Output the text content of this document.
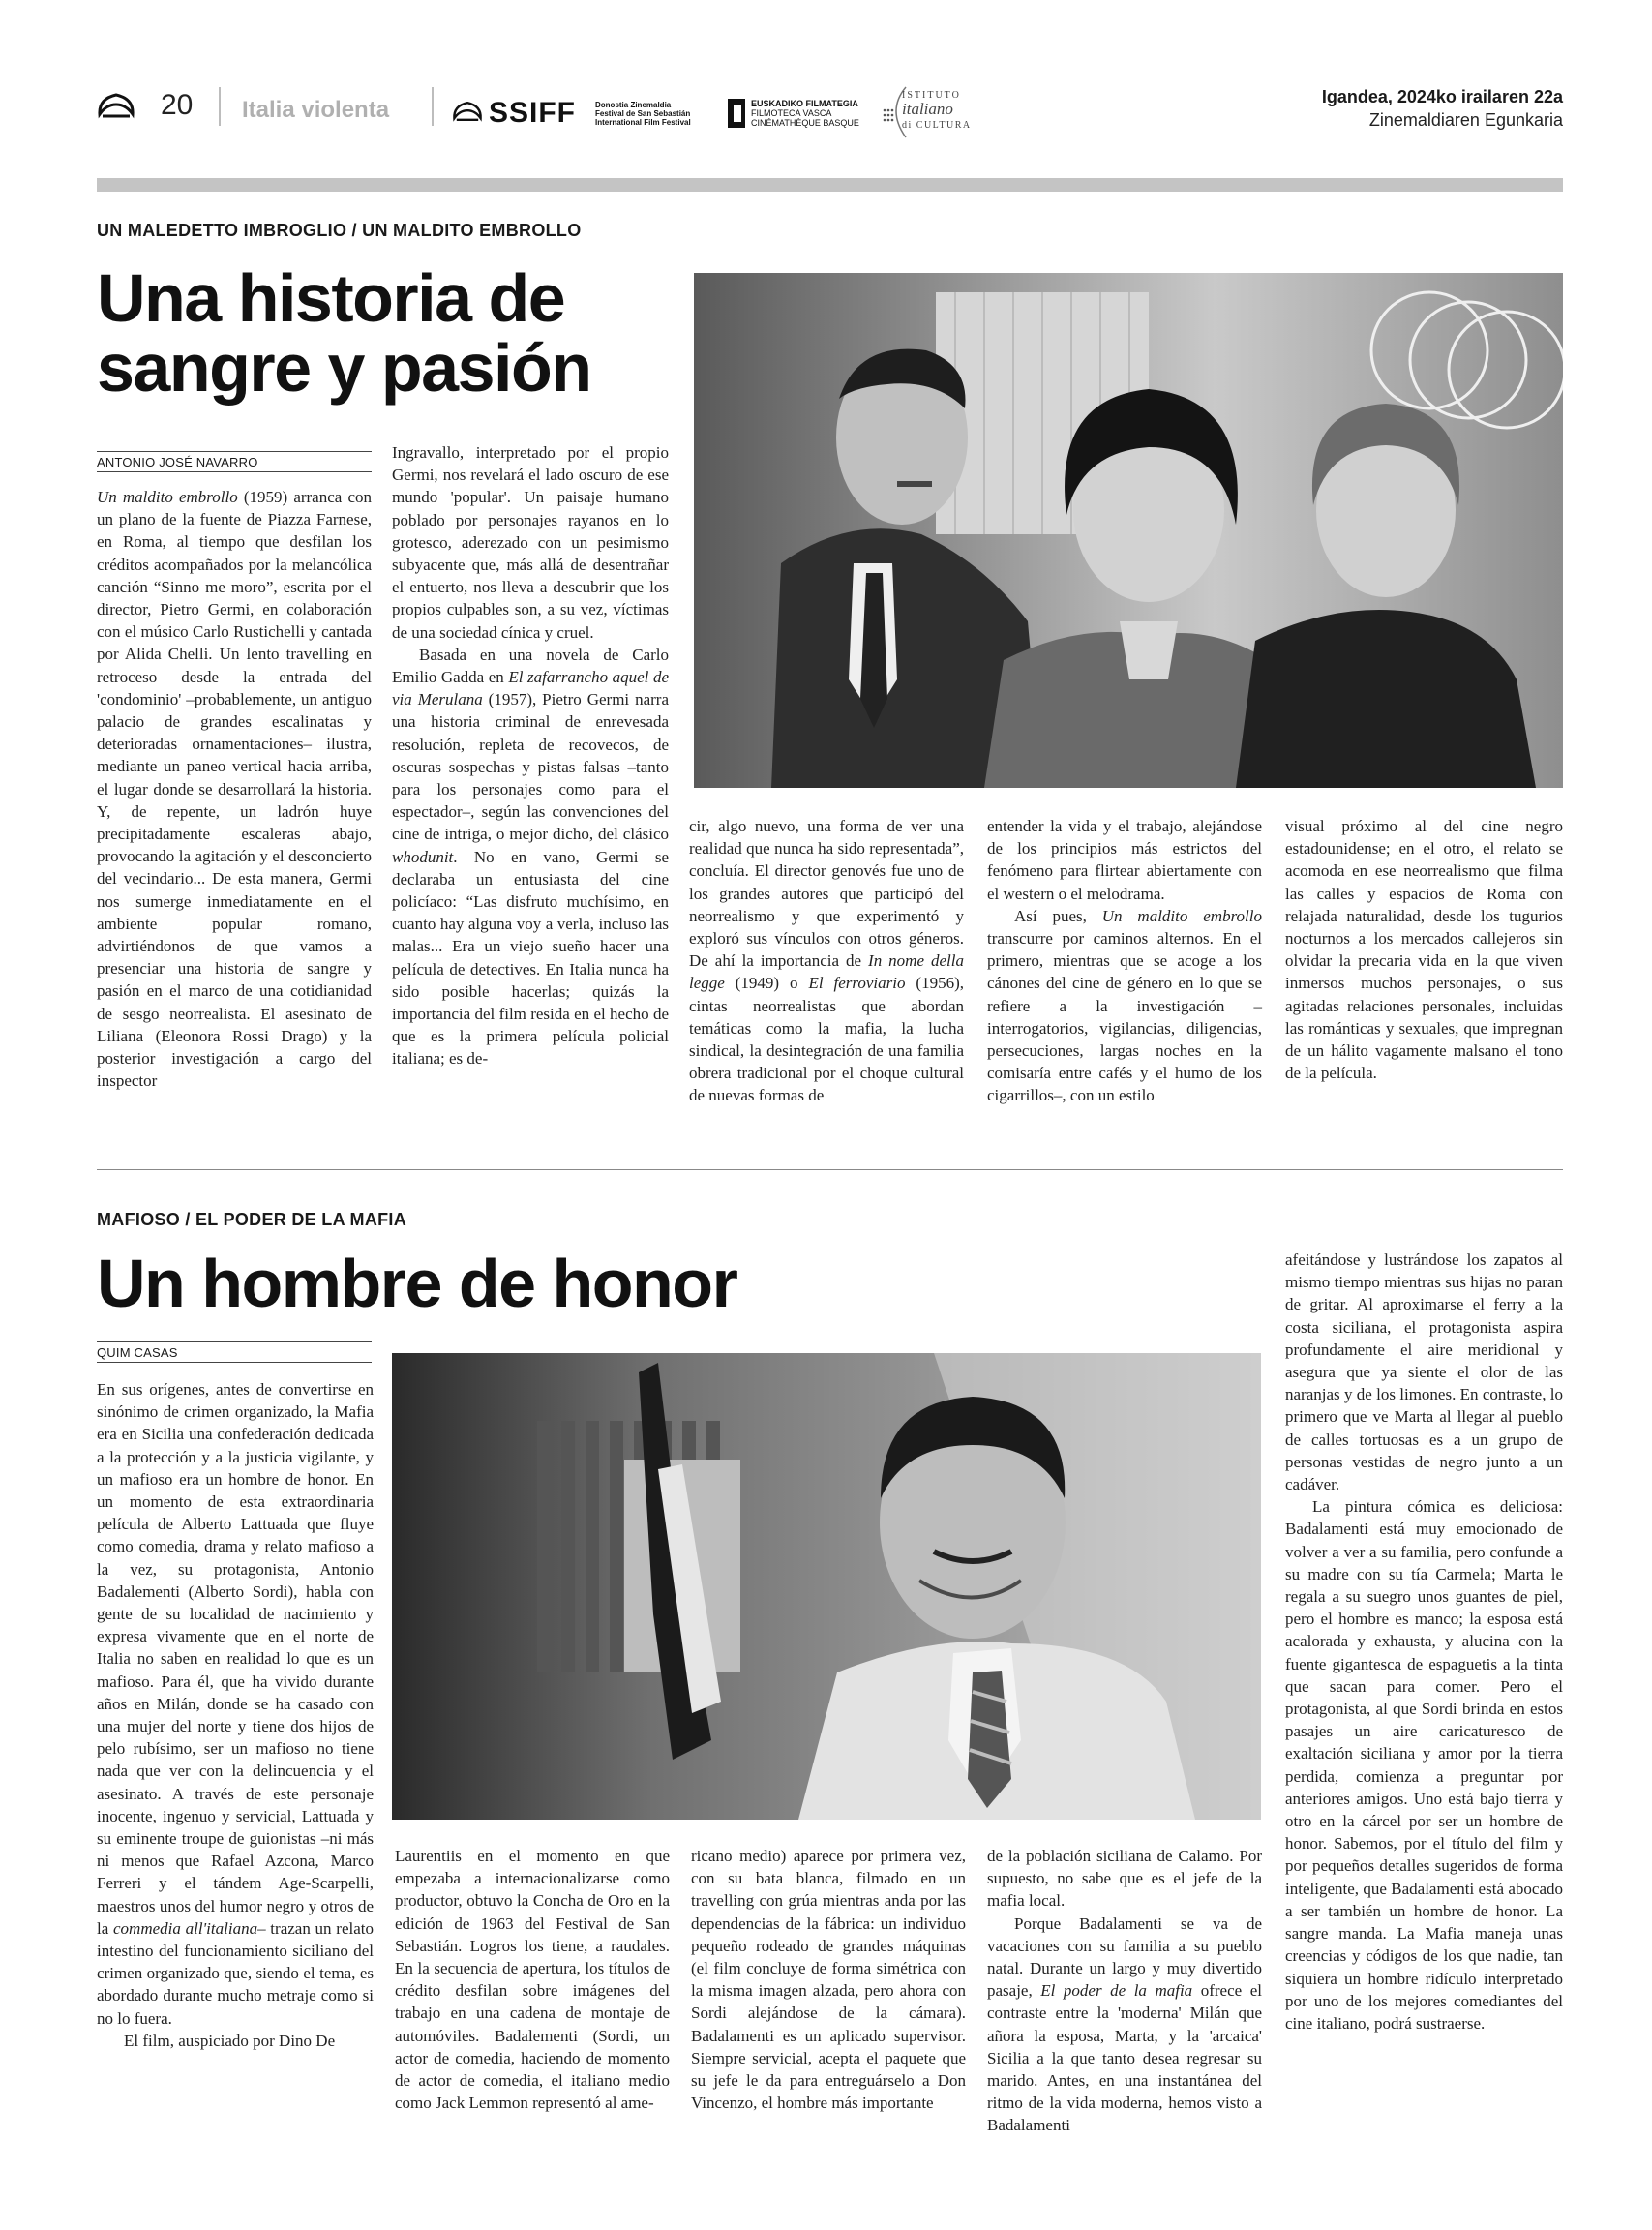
20 Italia violenta	SSIFF Donostia Zinemaldia Festival de San Sebastián International Film Festival
EUSKADIKO FILMATEGIA
FILMOTECA VASCA
CINÉMATHÈQUE BASQUE
ISTITUTO
italiano
di CULTURA
Igandea, 2024ko irailaren 22a
Zinemaldiaren Egunkaria
UN MALEDETTO IMBROGLIO / UN MALDITO EMBROLLO
Una historia de
sangre y pasión
ANTONIO JOSÉ NAVARRO

Un maldito embrollo (1959) arranca con un plano de la fuente de Piazza Farnese, en Roma, al tiempo que desfilan los créditos acompañados por la melancólica canción “Sinno me moro”, escrita por el director, Pietro Germi, en colaboración con el músico Carlo Rustichelli y cantada por Alida Chelli. Un lento travelling en retroceso desde la entrada del 'condominio' –probablemente, un antiguo palacio de grandes escalinatas y deterioradas ornamentaciones– ilustra, mediante un paneo vertical hacia arriba, el lugar donde se desarrollará la historia. Y, de repente, un ladrón huye precipitadamente escaleras abajo, provocando la agitación y el desconcierto del vecindario... De esta manera, Germi nos sumerge inmediatamente en el ambiente popular romano, advirtiéndonos de que vamos a presenciar una historia de sangre y pasión en el marco de una cotidianidad de sesgo neorrealista. El asesinato de Liliana (Eleonora Rossi Drago) y la posterior investigación a cargo del inspector

Ingravallo, interpretado por el propio Germi, nos revelará el lado oscuro de ese mundo 'popular'. Un paisaje humano poblado por personajes rayanos en lo grotesco, aderezado con un pesimismo subyacente que, más allá de desentrañar el entuerto, nos lleva a descubrir que los propios culpables son, a su vez, víctimas de una sociedad cínica y cruel.

Basada en una novela de Carlo Emilio Gadda en El zafarrancho aquel de via Merulana (1957), Pietro Germi narra una historia criminal de enrevesada resolución, repleta de recovecos, de oscuras sospechas y pistas falsas –tanto para los personajes como para el espectador–, según las convenciones del cine de intriga, o mejor dicho, del clásico whodunit. No en vano, Germi se declaraba un entusiasta del cine policíaco: “Las disfruto muchísimo, en cuanto hay alguna voy a verla, incluso las malas... Era un viejo sueño hacer una película de detectives. En Italia nunca ha sido posible hacerlas; quizás la importancia del film resida en el hecho de que es la primera película policial italiana; es de-

cir, algo nuevo, una forma de ver una realidad que nunca ha sido representada”, concluía. El director genovés fue uno de los grandes autores que participó del neorrealismo y que experimentó y exploró sus vínculos con otros géneros. De ahí la importancia de In nome della legge (1949) o El ferroviario (1956), cintas neorrealistas que abordan temáticas como la mafia, la lucha sindical, la desintegración de una familia obrera tradicional por el choque cultural de nuevas formas de

entender la vida y el trabajo, alejándose de los principios más estrictos del fenómeno para flirtear abiertamente con el western o el melodrama.

Así pues, Un maldito embrollo transcurre por caminos alternos. En el primero, mientras que se acoge a los cánones del cine de género en lo que se refiere a la investigación –interrogatorios, vigilancias, diligencias, persecuciones, largas noches en la comisaría entre cafés y el humo de los cigarrillos–, con un estilo

visual próximo al del cine negro estadounidense; en el otro, el relato se acomoda en ese neorrealismo que filma las calles y espacios de Roma con relajada naturalidad, desde los tugurios nocturnos a los mercados callejeros sin olvidar la precaria vida en la que viven inmersos muchos personajes, o sus agitadas relaciones personales, incluidas las románticas y sexuales, que impregnan de un hálito vagamente malsano el tono de la película.

MAFIOSO / EL PODER DE LA MAFIA
Un hombre de honor
QUIM CASAS

En sus orígenes, antes de convertirse en sinónimo de crimen organizado, la Mafia era en Sicilia una confederación dedicada a la protección y a la justicia vigilante, y un mafioso era un hombre de honor. En un momento de esta extraordinaria película de Alberto Lattuada que fluye como comedia, drama y relato mafioso a la vez, su protagonista, Antonio Badalementi (Alberto Sordi), habla con gente de su localidad de nacimiento y expresa vivamente que en el norte de Italia no saben en realidad lo que es un mafioso. Para él, que ha vivido durante años en Milán, donde se ha casado con una mujer del norte y tiene dos hijos de pelo rubísimo, ser un mafioso no tiene nada que ver con la delincuencia y el asesinato. A través de este personaje inocente, ingenuo y servicial, Lattuada y su eminente troupe de guionistas –ni más ni menos que Rafael Azcona, Marco Ferreri y el tándem Age-Scarpelli, maestros unos del humor negro y otros de la commedia all'italiana– trazan un relato intestino del funcionamiento siciliano del crimen organizado que, siendo el tema, es abordado durante mucho metraje como si no lo fuera.

El film, auspiciado por Dino De

Laurentiis en el momento en que empezaba a internacionalizarse como productor, obtuvo la Concha de Oro en la edición de 1963 del Festival de San Sebastián. Logros los tiene, a raudales. En la secuencia de apertura, los títulos de crédito desfilan sobre imágenes del trabajo en una cadena de montaje de automóviles. Badalementi (Sordi, un actor de comedia, haciendo de momento de actor de comedia, el italiano medio como Jack Lemmon representó al ame-

ricano medio) aparece por primera vez, con su bata blanca, filmado en un travelling con grúa mientras anda por las dependencias de la fábrica: un individuo pequeño rodeado de grandes máquinas (el film concluye de forma simétrica con la misma imagen alzada, pero ahora con Sordi alejándose de la cámara). Badalamenti es un aplicado supervisor. Siempre servicial, acepta el paquete que su jefe le da para entreguárselo a Don Vincenzo, el hombre más importante

de la población siciliana de Calamo. Por supuesto, no sabe que es el jefe de la mafia local.

Porque Badalamenti se va de vacaciones con su familia a su pueblo natal. Durante un largo y muy divertido pasaje, El poder de la mafia ofrece el contraste entre la 'moderna' Milán que añora la esposa, Marta, y la 'arcaica' Sicilia a la que tanto desea regresar su marido. Antes, en una instantánea del ritmo de la vida moderna, hemos visto a Badalamenti

afeitándose y lustrándose los zapatos al mismo tiempo mientras sus hijas no paran de gritar. Al aproximarse el ferry a la costa siciliana, el protagonista aspira profundamente el aire meridional y asegura que ya siente el olor de las naranjas y de los limones. En contraste, lo primero que ve Marta al llegar al pueblo de calles tortuosas es a un grupo de personas vestidas de negro junto a un cadáver.

La pintura cómica es deliciosa: Badalamenti está muy emocionado de volver a ver a su familia, pero confunde a su madre con su tía Carmela; Marta le regala a su suegro unos guantes de piel, pero el hombre es manco; la esposa está acalorada y exhausta, y alucina con la fuente gigantesca de espaguetis a la tinta que sacan para comer. Pero el protagonista, al que Sordi brinda en estos pasajes un aire caricaturesco de exaltación siciliana y amor por la tierra perdida, comienza a preguntar por anteriores amigos. Uno está bajo tierra y otro en la cárcel por ser un hombre de honor. Sabemos, por el título del film y por pequeños detalles sugeridos de forma inteligente, que Badalamenti está abocado a ser también un hombre de honor. La sangre manda. La Mafia maneja unas creencias y códigos de los que nadie, tan siquiera un hombre ridículo interpretado por uno de los mejores comediantes del cine italiano, podrá sustraerse.
